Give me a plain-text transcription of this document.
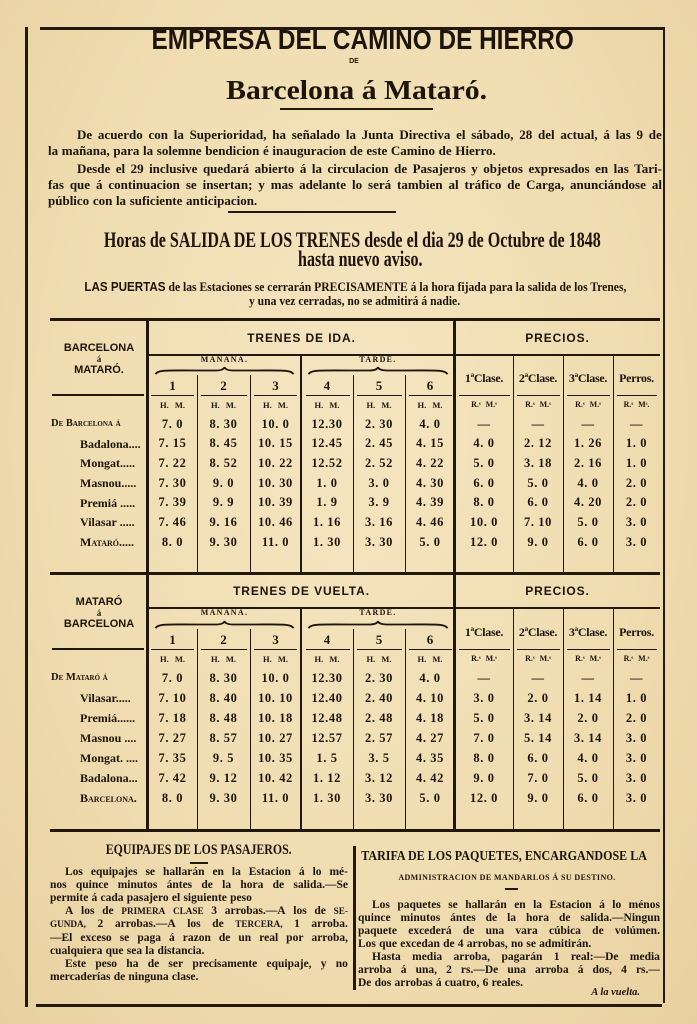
EMPRESA DEL CAMINO DE HIERRO
DE
Barcelona á Mataró.
De acuerdo con la Superioridad, ha señalado la Junta Directiva el sábado, 28 del actual, á las 9 de
la mañana, para la solemne bendicion é inauguracion de este Camino de Hierro.
Desde el 29 inclusive quedará abierto á la circulacion de Pasajeros y objetos expresados en las Tari-
fas que á continuacion se insertan; y mas adelante lo será tambien al tráfico de Carga, anunciándose al
público con la suficiente anticipacion.
Horas de SALIDA DE LOS TRENES desde el dia 29 de Octubre de 1848
hasta nuevo aviso.
LAS PUERTAS de las Estaciones se cerrarán PRECISAMENTE á la hora fijada para la salida de los Trenes,
y una vez cerradas, no se admitirá á nadie.
BARCELONA
á
MATARÓ.
TRENES DE IDA.	PRECIOS.
MAÑANA.	TARDE.
1	2	3	4	5	6	1ªClase.	2ªClase. 3ªClase.	Perros.
H. M.	H. M.	H. M.	H. M.	H. M.	H. M.	R.ˢ M.ˢ	R.ˢ M.ˢ	R.ˢ M.ˢ	R.ˢ Mˢ.
De Barcelona á	7. 0	8. 30	10. 0	12.30	2. 30	4. 0	—	—	—	—
Badalona....	7. 15	8. 45	10. 15	12.45	2. 45	4. 15	4. 0	2. 12	1. 26	1. 0
Mongat.....	7. 22	8. 52	10. 22	12.52	2. 52	4. 22	5. 0	3. 18	2. 16	1. 0
Masnou.....	7. 30	9. 0	10. 30	1. 0	3. 0	4. 30	6. 0	5. 0	4. 0	2. 0
Premiá .....	7. 39	9. 9	10. 39	1. 9	3. 9	4. 39	8. 0	6. 0	4. 20	2. 0
Vilasar .....	7. 46	9. 16	10. 46	1. 16	3. 16	4. 46	10. 0	7. 10	5. 0	3. 0
Mataró.....	8. 0	9. 30	11. 0	1. 30	3. 30	5. 0	12. 0	9. 0	6. 0	3. 0
MATARÓ
á
BARCELONA
TRENES DE VUELTA.	PRECIOS.
MAÑANA.	TARDE.
1	2	3	4	5	6
1ªClase.	2ªClase. 3ªClase.	Perros.
H. M.	H. M.	H. M.	H. M.	H. M.	H. M.	R.ˢ M.ˢ	R.ˢ M.ˢ	R.ˢ M.ˢ	R.ˢ M.ˢ
De Mataró á	7. 0	8. 30	10. 0	12.30	2. 30	4. 0	—	—	—	—
Vilasar.....	7. 10	8. 40	10. 10	12.40	2. 40	4. 10	3. 0	2. 0	1. 14	1. 0
Premiá......	7. 18	8. 48	10. 18	12.48	2. 48	4. 18	5. 0	3. 14	2. 0	2. 0
Masnou ....	7. 27	8. 57	10. 27	12.57	2. 57	4. 27	7. 0	5. 14	3. 14	3. 0
Mongat. ....	7. 35	9. 5	10. 35	1. 5	3. 5	4. 35	8. 0	6. 0	4. 0	3. 0
Badalona...	7. 42	9. 12	10. 42	1. 12	3. 12	4. 42	9. 0	7. 0	5. 0	3. 0
Barcelona.	8. 0	9. 30	11. 0	1. 30	3. 30	5. 0	12. 0	9. 0	6. 0	3. 0
EQUIPAJES DE LOS PASAJEROS.
Los equipajes se hallarán en la Estacion á lo mé-
nos quince minutos ántes de la hora de salida.—Se
permite á cada pasajero el siguiente peso
A los de PRIMERA CLASE 3 arrobas.—A los de SE-
GUNDA, 2 arrobas.—A los de TERCERA, 1 arroba.
—El exceso se paga á razon de un real por arroba,
cualquiera que sea la distancia.
Este peso ha de ser precisamente equipaje, y no
mercaderías de ninguna clase.
TARIFA DE LOS PAQUETES, ENCARGANDOSE LA
ADMINISTRACION DE MANDARLOS Á SU DESTINO.
Los paquetes se hallarán en la Estacion á lo ménos
quince minutos ántes de la hora de salida.—Ningun
paquete excederá de una vara cúbica de volúmen.
Los que excedan de 4 arrobas, no se admitirán.
Hasta media arroba, pagarán 1 real:—De media
arroba á una, 2 rs.—De una arroba á dos, 4 rs.—
De dos arrobas á cuatro, 6 reales.
A la vuelta.
